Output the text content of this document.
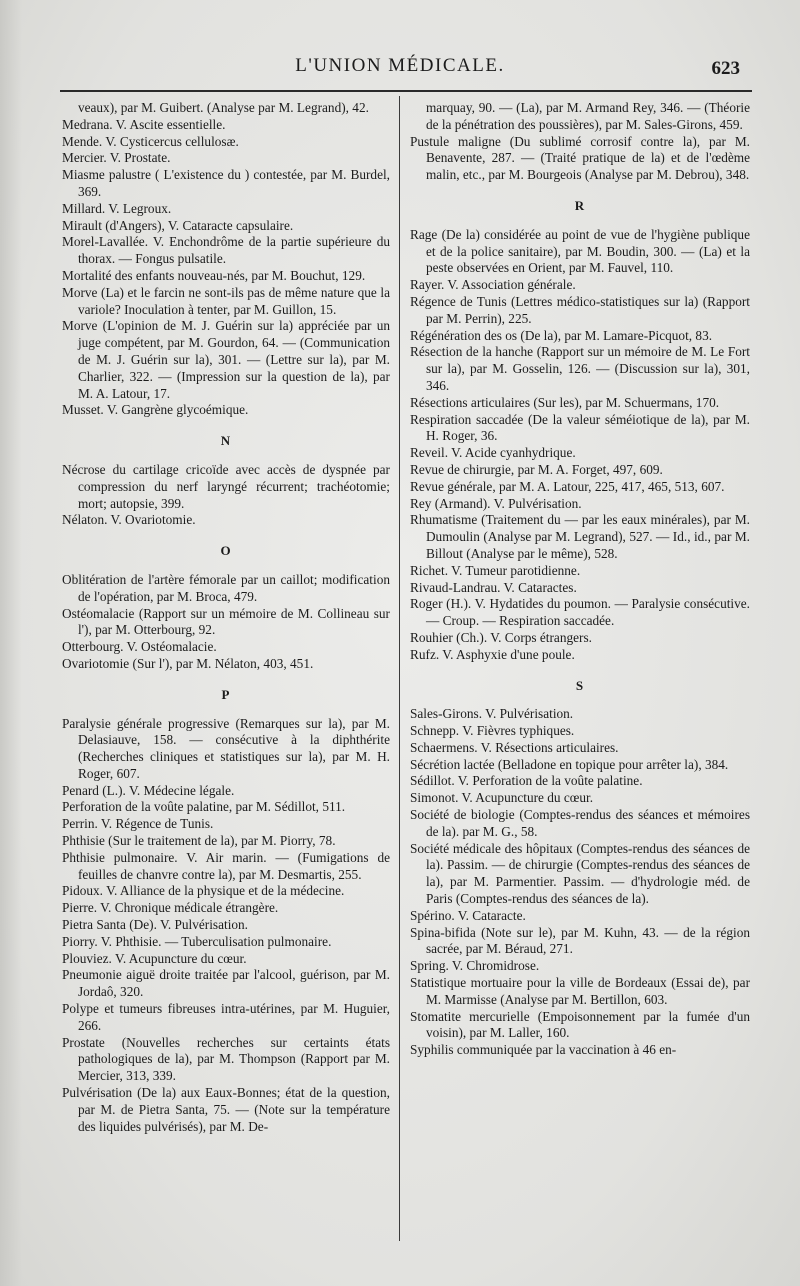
L'UNION MÉDICALE.	623

veaux), par M. Guibert. (Analyse par M. Legrand), 42.

Medrana. V. Ascite essentielle.

Mende. V. Cysticercus cellulosæ.

Mercier. V. Prostate.

Miasme palustre ( L'existence du ) contestée, par M. Burdel, 369.

Millard. V. Legroux.

Mirault (d'Angers), V. Cataracte capsulaire.

Morel-Lavallée. V. Enchondrôme de la partie supérieure du thorax. — Fongus pulsatile.

Mortalité des enfants nouveau-nés, par M. Bouchut, 129.

Morve (La) et le farcin ne sont-ils pas de même nature que la variole? Inoculation à tenter, par M. Guillon, 15.

Morve (L'opinion de M. J. Guérin sur la) appréciée par un juge compétent, par M. Gourdon, 64. — (Communication de M. J. Guérin sur la), 301. — (Lettre sur la), par M. Charlier, 322. — (Impression sur la question de la), par M. A. Latour, 17.

Musset. V. Gangrène glycoémique.

N

Nécrose du cartilage cricoïde avec accès de dyspnée par compression du nerf laryngé récurrent; trachéotomie; mort; autopsie, 399.

Nélaton. V. Ovariotomie.

O

Oblitération de l'artère fémorale par un caillot; modification de l'opération, par M. Broca, 479.

Ostéomalacie (Rapport sur un mémoire de M. Collineau sur l'), par M. Otterbourg, 92.

Otterbourg. V. Ostéomalacie.

Ovariotomie (Sur l'), par M. Nélaton, 403, 451.

P

Paralysie générale progressive (Remarques sur la), par M. Delasiauve, 158. — consécutive à la diphthérite (Recherches cliniques et statistiques sur la), par M. H. Roger, 607.

Penard (L.). V. Médecine légale.

Perforation de la voûte palatine, par M. Sédillot, 511.

Perrin. V. Régence de Tunis.

Phthisie (Sur le traitement de la), par M. Piorry, 78.

Phthisie pulmonaire. V. Air marin. — (Fumigations de feuilles de chanvre contre la), par M. Desmartis, 255.

Pidoux. V. Alliance de la physique et de la médecine.

Pierre. V. Chronique médicale étrangère.

Pietra Santa (De). V. Pulvérisation.

Piorry. V. Phthisie. — Tuberculisation pulmonaire.

Plouviez. V. Acupuncture du cœur.

Pneumonie aiguë droite traitée par l'alcool, guérison, par M. Jordaô, 320.

Polype et tumeurs fibreuses intra-utérines, par M. Huguier, 266.

Prostate (Nouvelles recherches sur certaints états pathologiques de la), par M. Thompson (Rapport par M. Mercier, 313, 339.

Pulvérisation (De la) aux Eaux-Bonnes; état de la question, par M. de Pietra Santa, 75. — (Note sur la température des liquides pulvérisés), par M. De-

marquay, 90. — (La), par M. Armand Rey, 346. — (Théorie de la pénétration des poussières), par M. Sales-Girons, 459.

Pustule maligne (Du sublimé corrosif contre la), par M. Benavente, 287. — (Traité pratique de la) et de l'œdème malin, etc., par M. Bourgeois (Analyse par M. Debrou), 348.

R

Rage (De la) considérée au point de vue de l'hygiène publique et de la police sanitaire), par M. Boudin, 300. — (La) et la peste observées en Orient, par M. Fauvel, 110.

Rayer. V. Association générale.

Régence de Tunis (Lettres médico-statistiques sur la) (Rapport par M. Perrin), 225.

Régénération des os (De la), par M. Lamare-Picquot, 83.

Résection de la hanche (Rapport sur un mémoire de M. Le Fort sur la), par M. Gosselin, 126. — (Discussion sur la), 301, 346.

Résections articulaires (Sur les), par M. Schuermans, 170.

Respiration saccadée (De la valeur séméiotique de la), par M. H. Roger, 36.

Reveil. V. Acide cyanhydrique.

Revue de chirurgie, par M. A. Forget, 497, 609.

Revue générale, par M. A. Latour, 225, 417, 465, 513, 607.

Rey (Armand). V. Pulvérisation.

Rhumatisme (Traitement du — par les eaux minérales), par M. Dumoulin (Analyse par M. Legrand), 527. — Id., id., par M. Billout (Analyse par le même), 528.

Richet. V. Tumeur parotidienne.

Rivaud-Landrau. V. Cataractes.

Roger (H.). V. Hydatides du poumon. — Paralysie consécutive. — Croup. — Respiration saccadée.

Rouhier (Ch.). V. Corps étrangers.

Rufz. V. Asphyxie d'une poule.

S

Sales-Girons. V. Pulvérisation.

Schnepp. V. Fièvres typhiques.

Schaermens. V. Résections articulaires.

Sécrétion lactée (Belladone en topique pour arrêter la), 384.

Sédillot. V. Perforation de la voûte palatine.

Simonot. V. Acupuncture du cœur.

Société de biologie (Comptes-rendus des séances et mémoires de la). par M. G., 58.

Société médicale des hôpitaux (Comptes-rendus des séances de la). Passim. — de chirurgie (Comptes-rendus des séances de la), par M. Parmentier. Passim. — d'hydrologie méd. de Paris (Comptes-rendus des séances de la).

Spérino. V. Cataracte.

Spina-bifida (Note sur le), par M. Kuhn, 43. — de la région sacrée, par M. Béraud, 271.

Spring. V. Chromidrose.

Statistique mortuaire pour la ville de Bordeaux (Essai de), par M. Marmisse (Analyse par M. Bertillon, 603.

Stomatite mercurielle (Empoisonnement par la fumée d'un voisin), par M. Laller, 160.

Syphilis communiquée par la vaccination à 46 en-
